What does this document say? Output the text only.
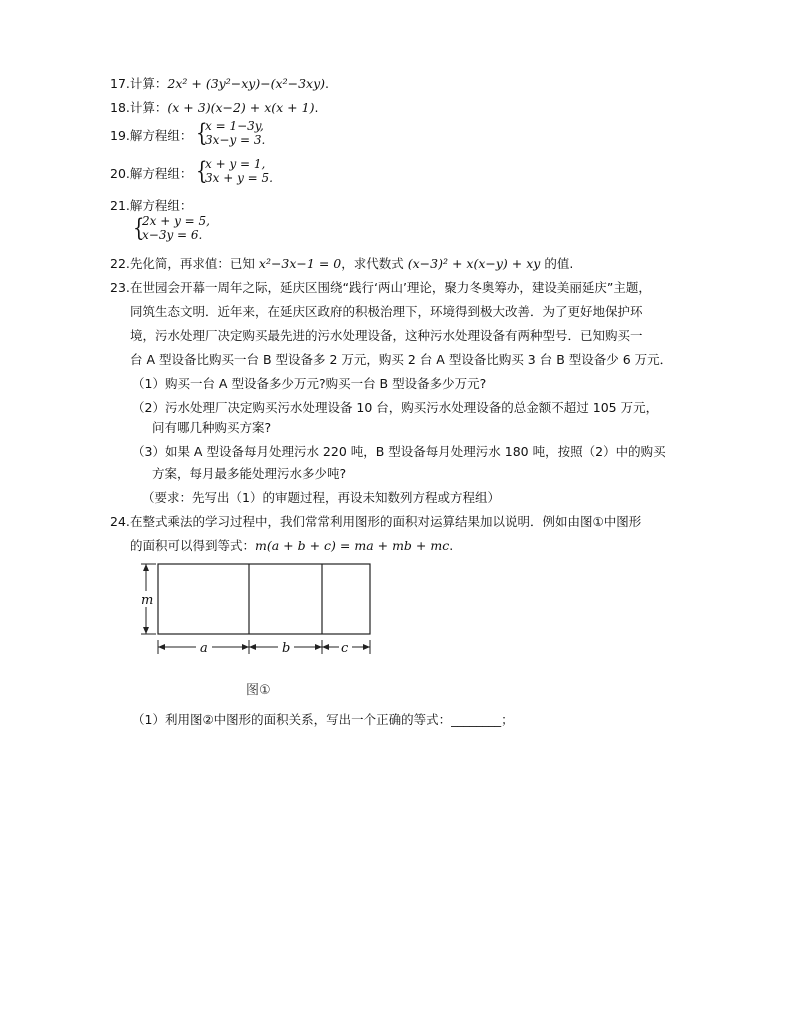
17.计算：2x² + (3y²−xy)−(x²−3xy).
18.计算：(x + 3)(x−2) + x(x + 1).
19.解方程组： {
x = 1−3y,
3x−y = 3.
20.解方程组： {
x + y = 1,
3x + y = 5.
21.解方程组：
{
2x + y = 5,
x−3y = 6.
22.先化简，再求值：已知 x²−3x−1 = 0，求代数式 (x−3)² + x(x−y) + xy 的值.
23. 在世园会开幕一周年之际，延庆区围绕“践行‘两山’理论，聚力冬奥筹办，建设美丽延庆”主题，
同筑生态文明．近年来，在延庆区政府的积极治理下，环境得到极大改善．为了更好地保护环
境，污水处理厂决定购买最先进的污水处理设备，这种污水处理设备有两种型号．已知购买一
台 A 型设备比购买一台 B 型设备多 2 万元，购买 2 台 A 型设备比购买 3 台 B 型设备少 6 万元．
（1）购买一台 A 型设备多少万元?购买一台 B 型设备多少万元?
（2）污水处理厂决定购买污水处理设备 10 台，购买污水处理设备的总金额不超过 105 万元，
问有哪几种购买方案?
（3）如果 A 型设备每月处理污水 220 吨，B 型设备每月处理污水 180 吨，按照（2）中的购买
方案，每月最多能处理污水多少吨?
（要求：先写出（1）的审题过程，再设未知数列方程或方程组）
24. 在整式乘法的学习过程中，我们常常利用图形的面积对运算结果加以说明．例如由图①中图形
的面积可以得到等式：m(a + b + c) = ma + mb + mc.
m
a	b	c
图①
（1）利用图②中图形的面积关系，写出一个正确的等式：________；
